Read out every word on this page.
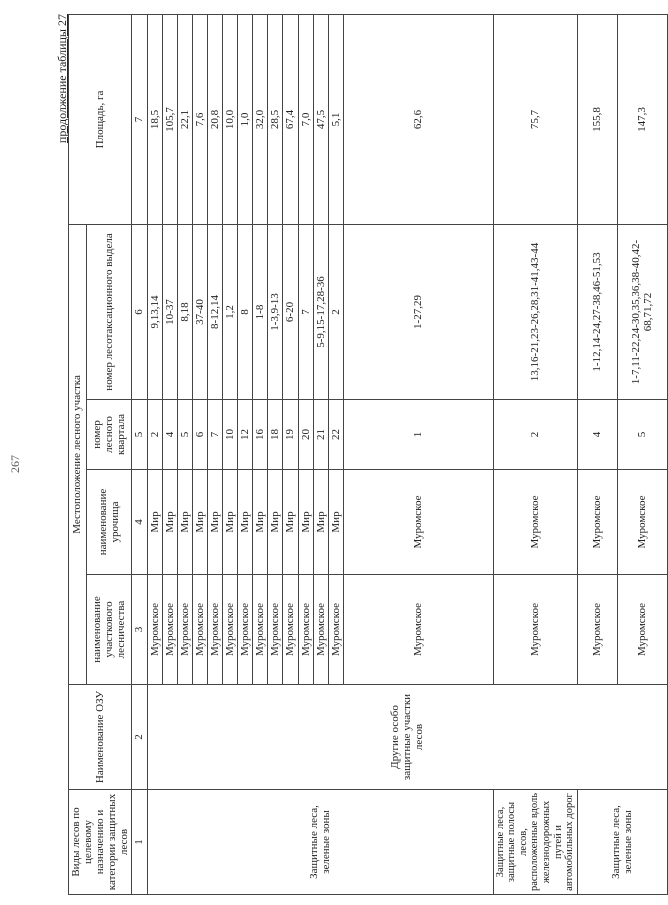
267
продолжение таблицы 27
Виды лесов по целевому назначению и категории защитных лесов	Наименование ОЗУ	Местоположение лесного участка				Площадь, га
		наименование участкового лесничества	наименование урочища	номер лесного квартала	номер лесотаксационного выдела	
1	2	3	4	5	6	7
Защитные леса, зеленые зоны	Другие особо защитные участки лесов	Муромское	Мир	2	9,13,14	18,5
		Муромское	Мир	4	10-37	105,7
		Муромское	Мир	5	8,18	22,1
		Муромское	Мир	6	37-40	7,6
		Муромское	Мир	7	8-12,14	20,8
		Муромское	Мир	10	1,2	10,0
		Муромское	Мир	12	8	1,0
		Муромское	Мир	16	1-8	32,0
		Муромское	Мир	18	1-3,9-13	28,5
		Муромское	Мир	19	6-20	67,4
		Муромское	Мир	20	7	7,0
		Муромское	Мир	21	5-9,15-17,28-36	47,5
		Муромское	Мир	22	2	5,1
		Муромское	Муромское	1	1-27,29	62,6
Защитные леса, защитные полосы лесов, расположенные вдоль железнодорожных путей и автомобильных дорог		Муромское	Муромское	2	13,16-21,23-26,28,31-41,43-44	75,7
Защитные леса, зеленые зоны		Муромское	Муромское	4	1-12,14-24,27-38,46-51,53	155,8
		Муромское	Муромское	5	1-7,11-22,24-30,35,36,38-40,42-68,71,72	147,3
